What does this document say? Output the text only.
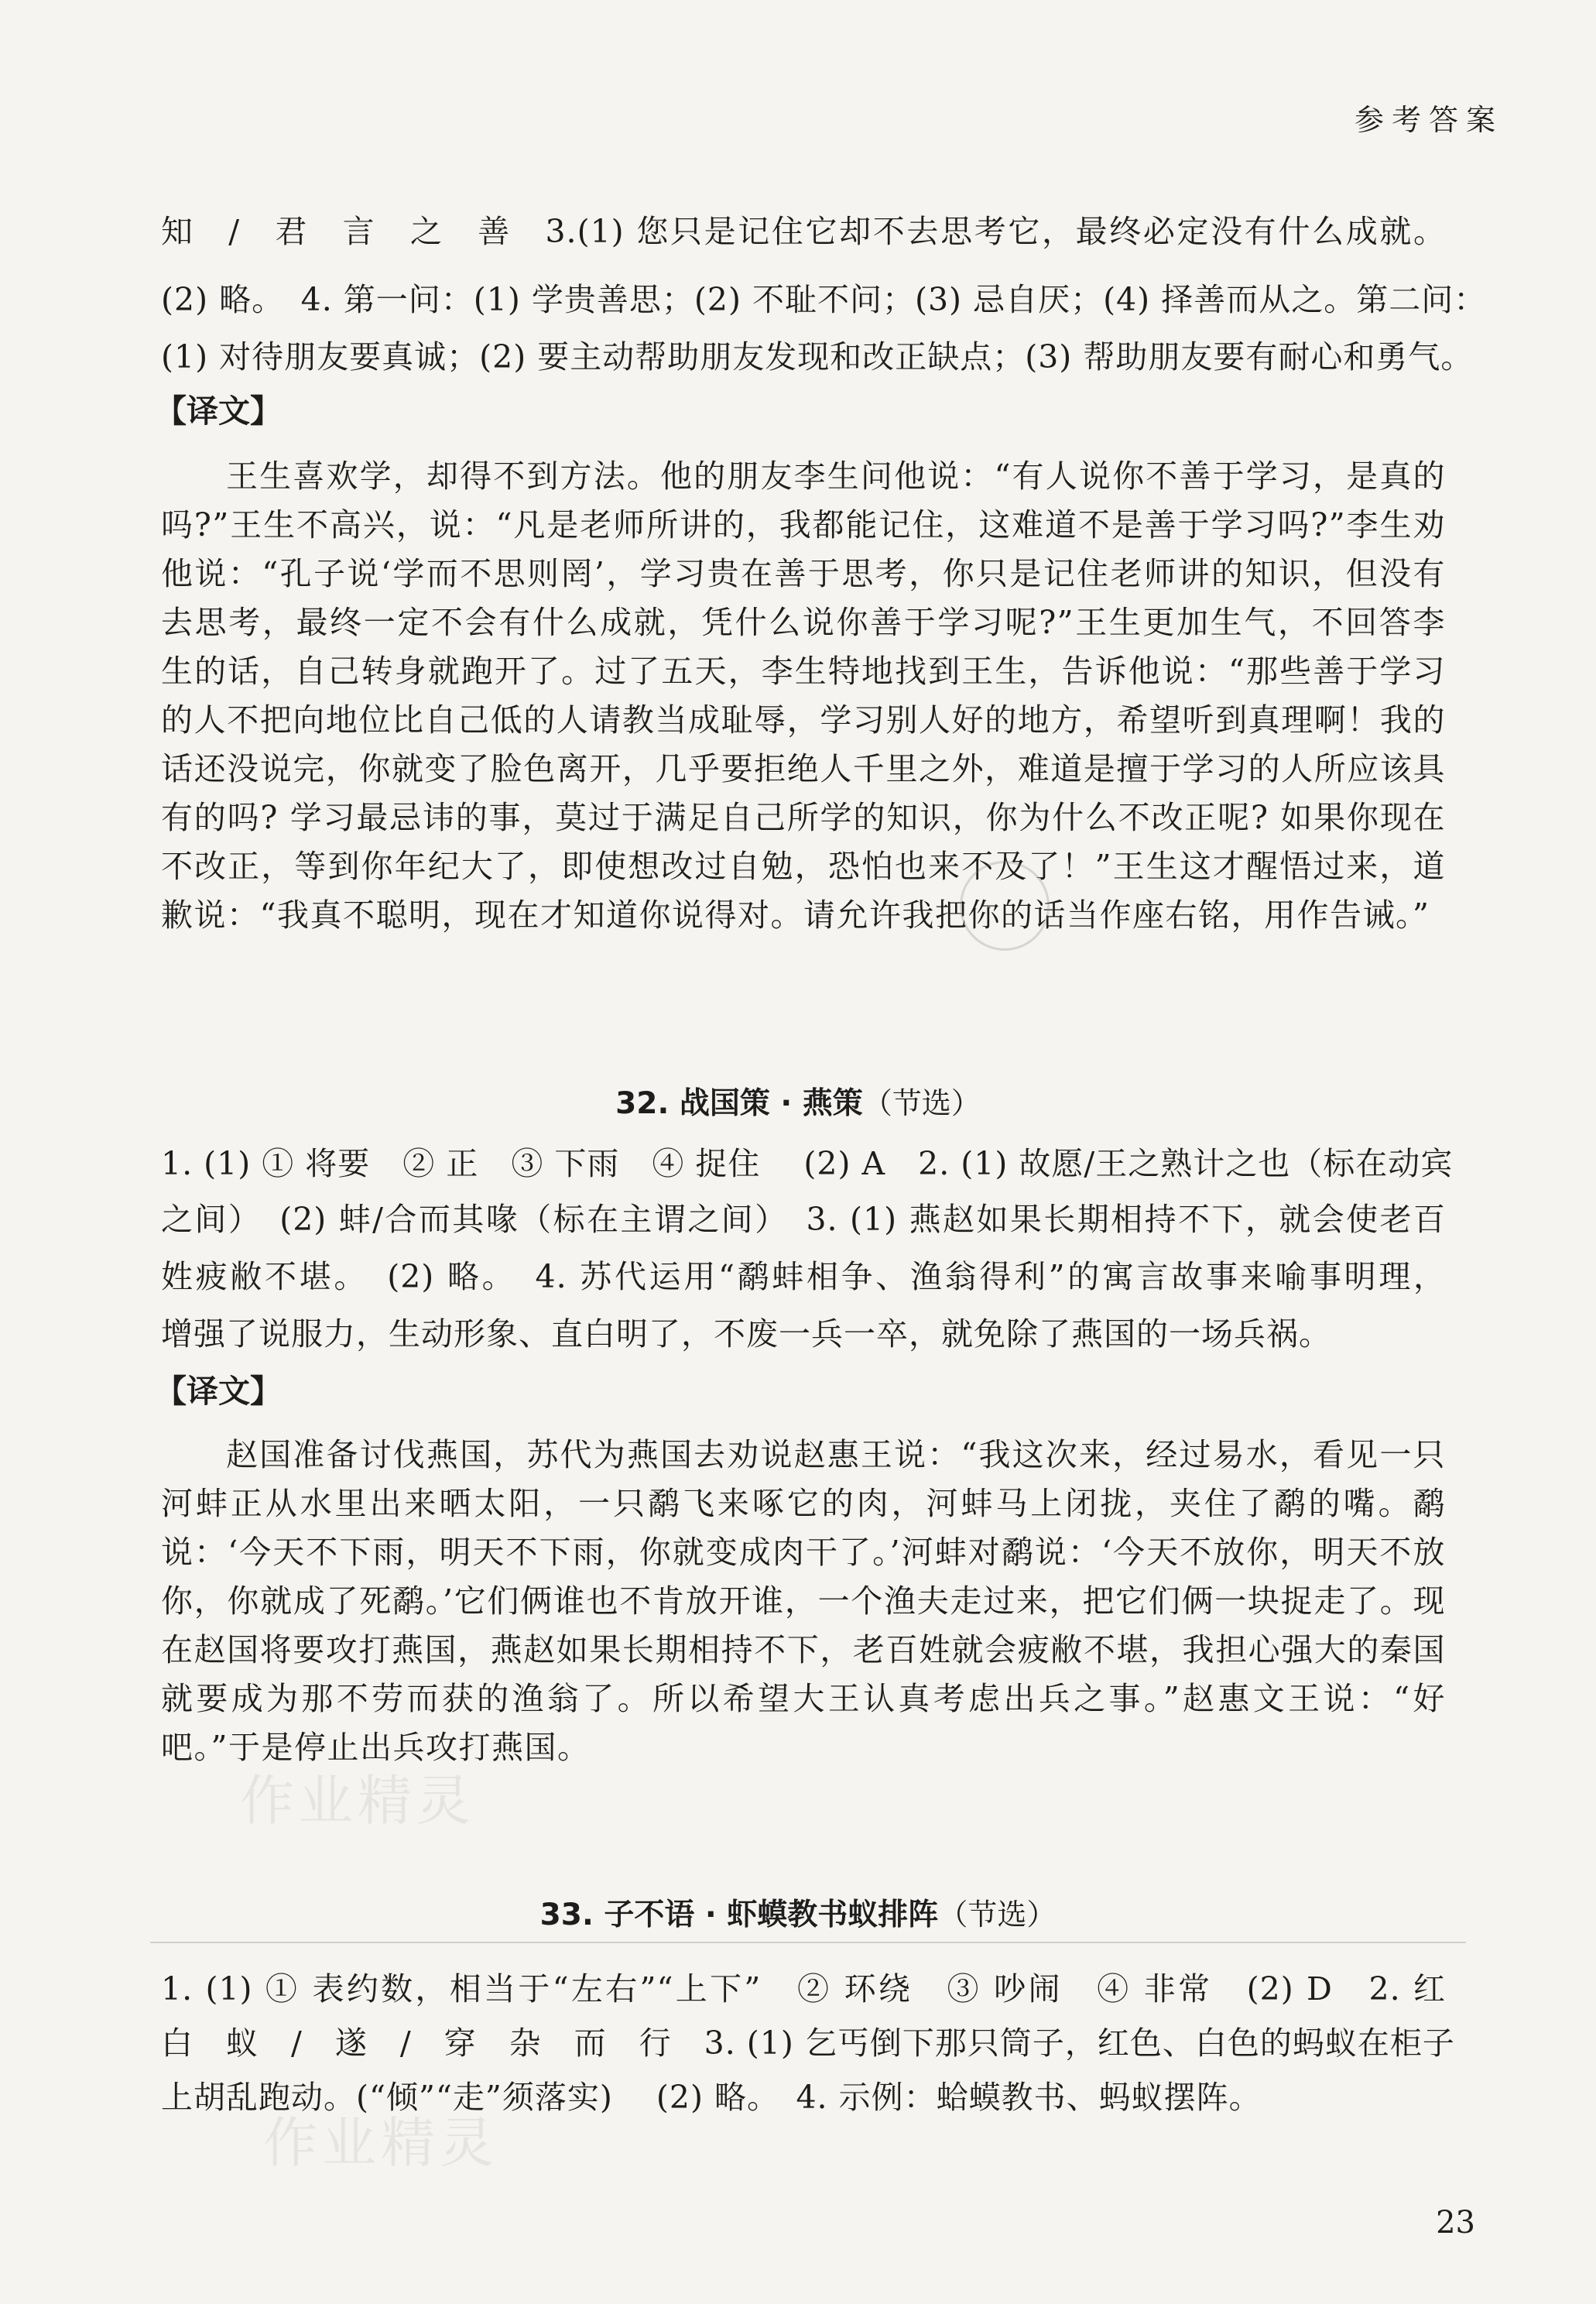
参考答案
知　/　君　言　之　善　3.(1) 您只是记住它却不去思考它，最终必定没有什么成就。
(2) 略。　4. 第一问：(1) 学贵善思；(2) 不耻不问；(3) 忌自厌；(4) 择善而从之。第二问：
(1) 对待朋友要真诚；(2) 要主动帮助朋友发现和改正缺点；(3) 帮助朋友要有耐心和勇气。
【译文】
王生喜欢学，却得不到方法。他的朋友李生问他说：“有人说你不善于学习，是真的吗?”王生不高兴，说：“凡是老师所讲的，我都能记住，这难道不是善于学习吗?”李生劝他说：“孔子说‘学而不思则罔’，学习贵在善于思考，你只是记住老师讲的知识，但没有去思考，最终一定不会有什么成就，凭什么说你善于学习呢?”王生更加生气，不回答李生的话，自己转身就跑开了。过了五天，李生特地找到王生，告诉他说：“那些善于学习的人不把向地位比自己低的人请教当成耻辱，学习别人好的地方，希望听到真理啊！我的话还没说完，你就变了脸色离开，几乎要拒绝人千里之外，难道是擅于学习的人所应该具有的吗? 学习最忌讳的事，莫过于满足自己所学的知识，你为什么不改正呢? 如果你现在不改正，等到你年纪大了，即使想改过自勉，恐怕也来不及了！”王生这才醒悟过来，道歉说：“我真不聪明，现在才知道你说得对。请允许我把你的话当作座右铭，用作告诫。”
32. 战国策 · 燕策（节选）
1. (1) ① 将要　② 正　③ 下雨　④ 捉住　 (2) A　2. (1) 故愿/王之熟计之也（标在动宾
之间）　(2) 蚌/合而其喙（标在主谓之间）　3. (1) 燕赵如果长期相持不下，就会使老百
姓疲敝不堪。　(2) 略。　4. 苏代运用“鹬蚌相争、渔翁得利”的寓言故事来喻事明理，
增强了说服力，生动形象、直白明了，不废一兵一卒，就免除了燕国的一场兵祸。
【译文】
赵国准备讨伐燕国，苏代为燕国去劝说赵惠王说：“我这次来，经过易水，看见一只河蚌正从水里出来晒太阳，一只鹬飞来啄它的肉，河蚌马上闭拢，夹住了鹬的嘴。鹬说：‘今天不下雨，明天不下雨，你就变成肉干了。’河蚌对鹬说：‘今天不放你，明天不放你，你就成了死鹬。’它们俩谁也不肯放开谁，一个渔夫走过来，把它们俩一块捉走了。现在赵国将要攻打燕国，燕赵如果长期相持不下，老百姓就会疲敝不堪，我担心强大的秦国就要成为那不劳而获的渔翁了。所以希望大王认真考虑出兵之事。”赵惠文王说：“好吧。”于是停止出兵攻打燕国。
作业精灵
33. 子不语 · 虾蟆教书蚁排阵（节选）
1. (1) ① 表约数，相当于“左右”“上下”　② 环绕　③ 吵闹　④ 非常　(2) D　2. 红
白　蚁　/　遂　/　穿　杂　而　行　3. (1) 乞丐倒下那只筒子，红色、白色的蚂蚁在柜子
上胡乱跑动。(“倾”“走”须落实)　 (2) 略。　4. 示例：蛤蟆教书、蚂蚁摆阵。
作业精灵
23
